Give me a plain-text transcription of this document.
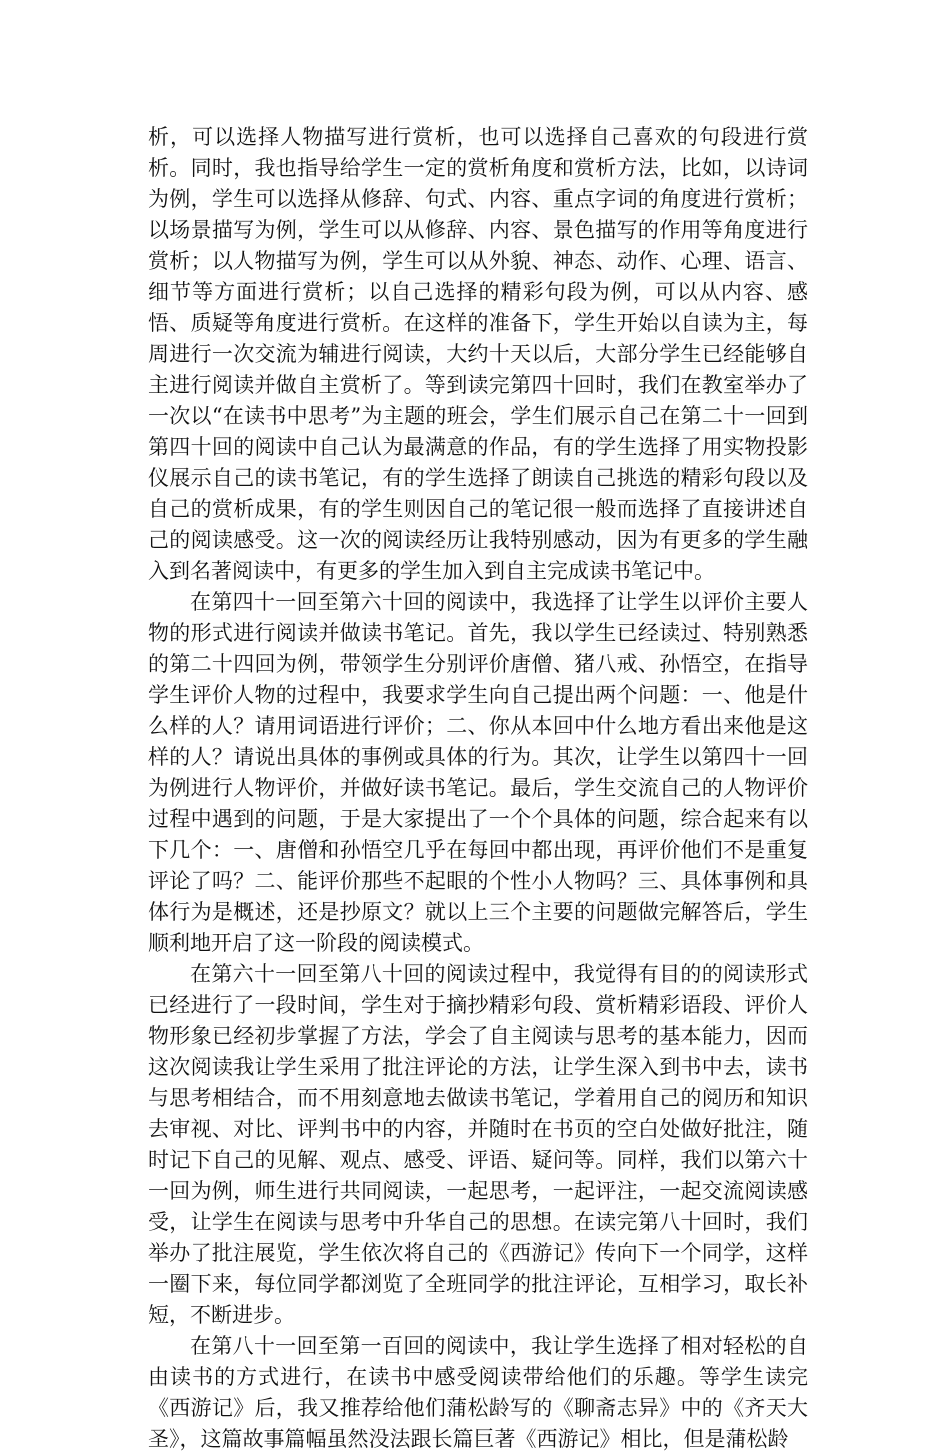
析，可以选择人物描写进行赏析，也可以选择自己喜欢的句段进行赏析。同时，我也指导给学生一定的赏析角度和赏析方法，比如，以诗词为例，学生可以选择从修辞、句式、内容、重点字词的角度进行赏析；以场景描写为例，学生可以从修辞、内容、景色描写的作用等角度进行赏析；以人物描写为例，学生可以从外貌、神态、动作、心理、语言、细节等方面进行赏析；以自己选择的精彩句段为例，可以从内容、感悟、质疑等角度进行赏析。在这样的准备下，学生开始以自读为主，每周进行一次交流为辅进行阅读，大约十天以后，大部分学生已经能够自主进行阅读并做自主赏析了。等到读完第四十回时，我们在教室举办了一次以“在读书中思考”为主题的班会，学生们展示自己在第二十一回到第四十回的阅读中自己认为最满意的作品，有的学生选择了用实物投影仪展示自己的读书笔记，有的学生选择了朗读自己挑选的精彩句段以及自己的赏析成果，有的学生则因自己的笔记很一般而选择了直接讲述自己的阅读感受。这一次的阅读经历让我特别感动，因为有更多的学生融入到名著阅读中，有更多的学生加入到自主完成读书笔记中。

在第四十一回至第六十回的阅读中，我选择了让学生以评价主要人物的形式进行阅读并做读书笔记。首先，我以学生已经读过、特别熟悉的第二十四回为例，带领学生分别评价唐僧、猪八戒、孙悟空，在指导学生评价人物的过程中，我要求学生向自己提出两个问题：一、他是什么样的人？请用词语进行评价；二、你从本回中什么地方看出来他是这样的人？请说出具体的事例或具体的行为。其次，让学生以第四十一回为例进行人物评价，并做好读书笔记。最后，学生交流自己的人物评价过程中遇到的问题，于是大家提出了一个个具体的问题，综合起来有以下几个：一、唐僧和孙悟空几乎在每回中都出现，再评价他们不是重复评论了吗？二、能评价那些不起眼的个性小人物吗？三、具体事例和具体行为是概述，还是抄原文？就以上三个主要的问题做完解答后，学生顺利地开启了这一阶段的阅读模式。

在第六十一回至第八十回的阅读过程中，我觉得有目的的阅读形式已经进行了一段时间，学生对于摘抄精彩句段、赏析精彩语段、评价人物形象已经初步掌握了方法，学会了自主阅读与思考的基本能力，因而这次阅读我让学生采用了批注评论的方法，让学生深入到书中去，读书与思考相结合，而不用刻意地去做读书笔记，学着用自己的阅历和知识去审视、对比、评判书中的内容，并随时在书页的空白处做好批注，随时记下自己的见解、观点、感受、评语、疑问等。同样，我们以第六十一回为例，师生进行共同阅读，一起思考，一起评注，一起交流阅读感受，让学生在阅读与思考中升华自己的思想。在读完第八十回时，我们举办了批注展览，学生依次将自己的《西游记》传向下一个同学，这样一圈下来，每位同学都浏览了全班同学的批注评论，互相学习，取长补短，不断进步。

在第八十一回至第一百回的阅读中，我让学生选择了相对轻松的自由读书的方式进行，在读书中感受阅读带给他们的乐趣。等学生读完《西游记》后，我又推荐给他们蒲松龄写的《聊斋志异》中的《齐天大圣》，这篇故事篇幅虽然没法跟长篇巨著《西游记》相比，但是蒲松龄
